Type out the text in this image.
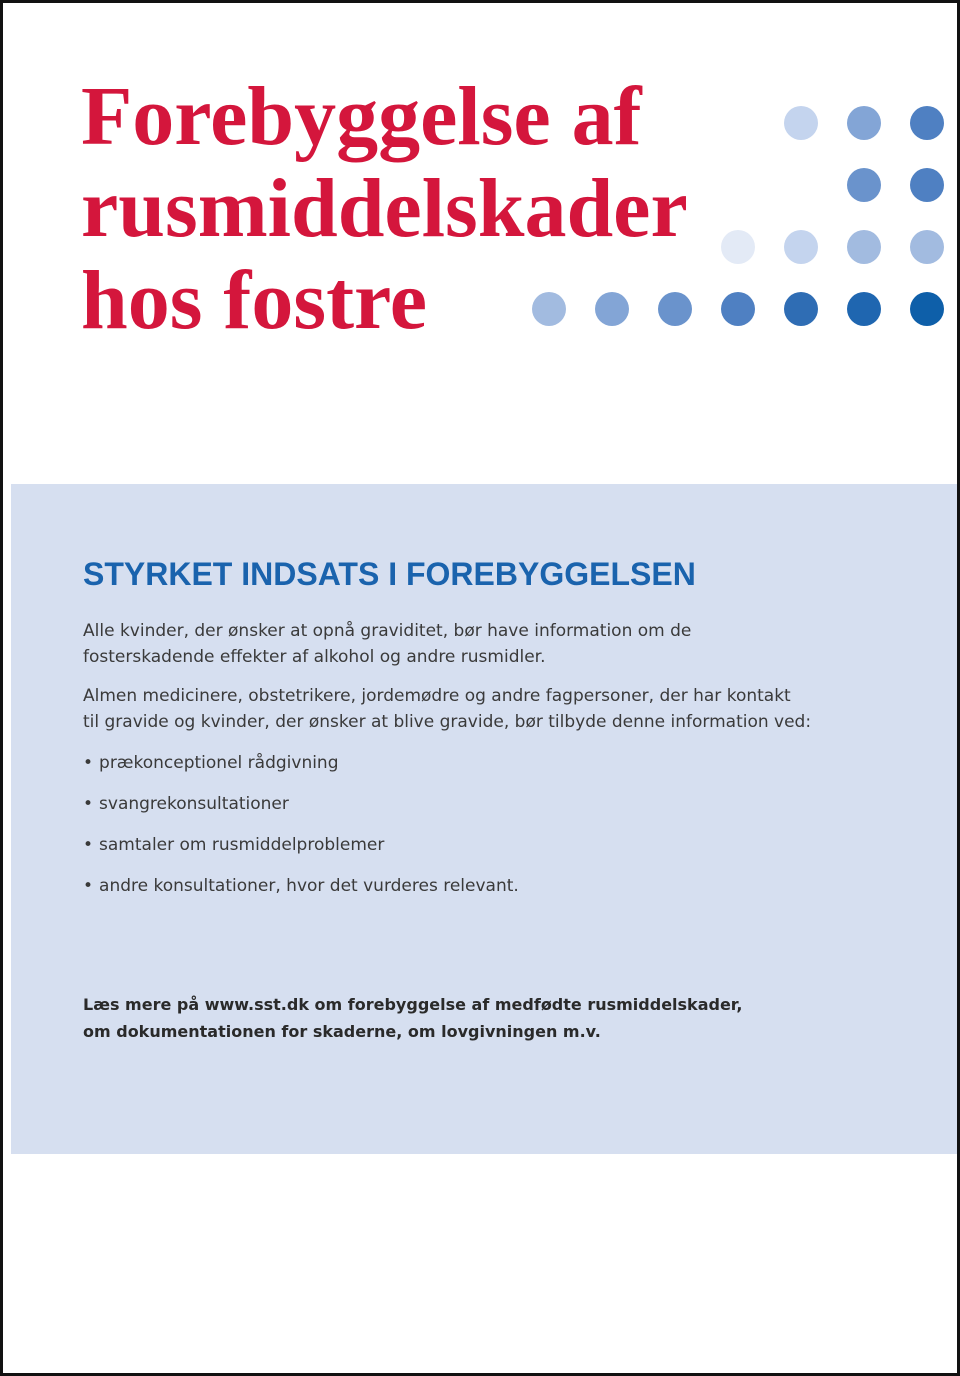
Forebyggelse af
rusmiddelskader
hos fostre
STYRKET INDSATS I FOREBYGGELSEN

Alle kvinder, der ønsker at opnå graviditet, bør have information om de
fosterskadende effekter af alkohol og andre rusmidler.

Almen medicinere, obstetrikere, jordemødre og andre fagpersoner, der har kontakt
til gravide og kvinder, der ønsker at blive gravide, bør tilbyde denne information ved:

• prækonceptionel rådgivning
• svangrekonsultationer
• samtaler om rusmiddelproblemer
• andre konsultationer, hvor det vurderes relevant.

Læs mere på www.sst.dk om forebyggelse af medfødte rusmiddelskader,
om dokumentationen for skaderne, om lovgivningen m.v.
